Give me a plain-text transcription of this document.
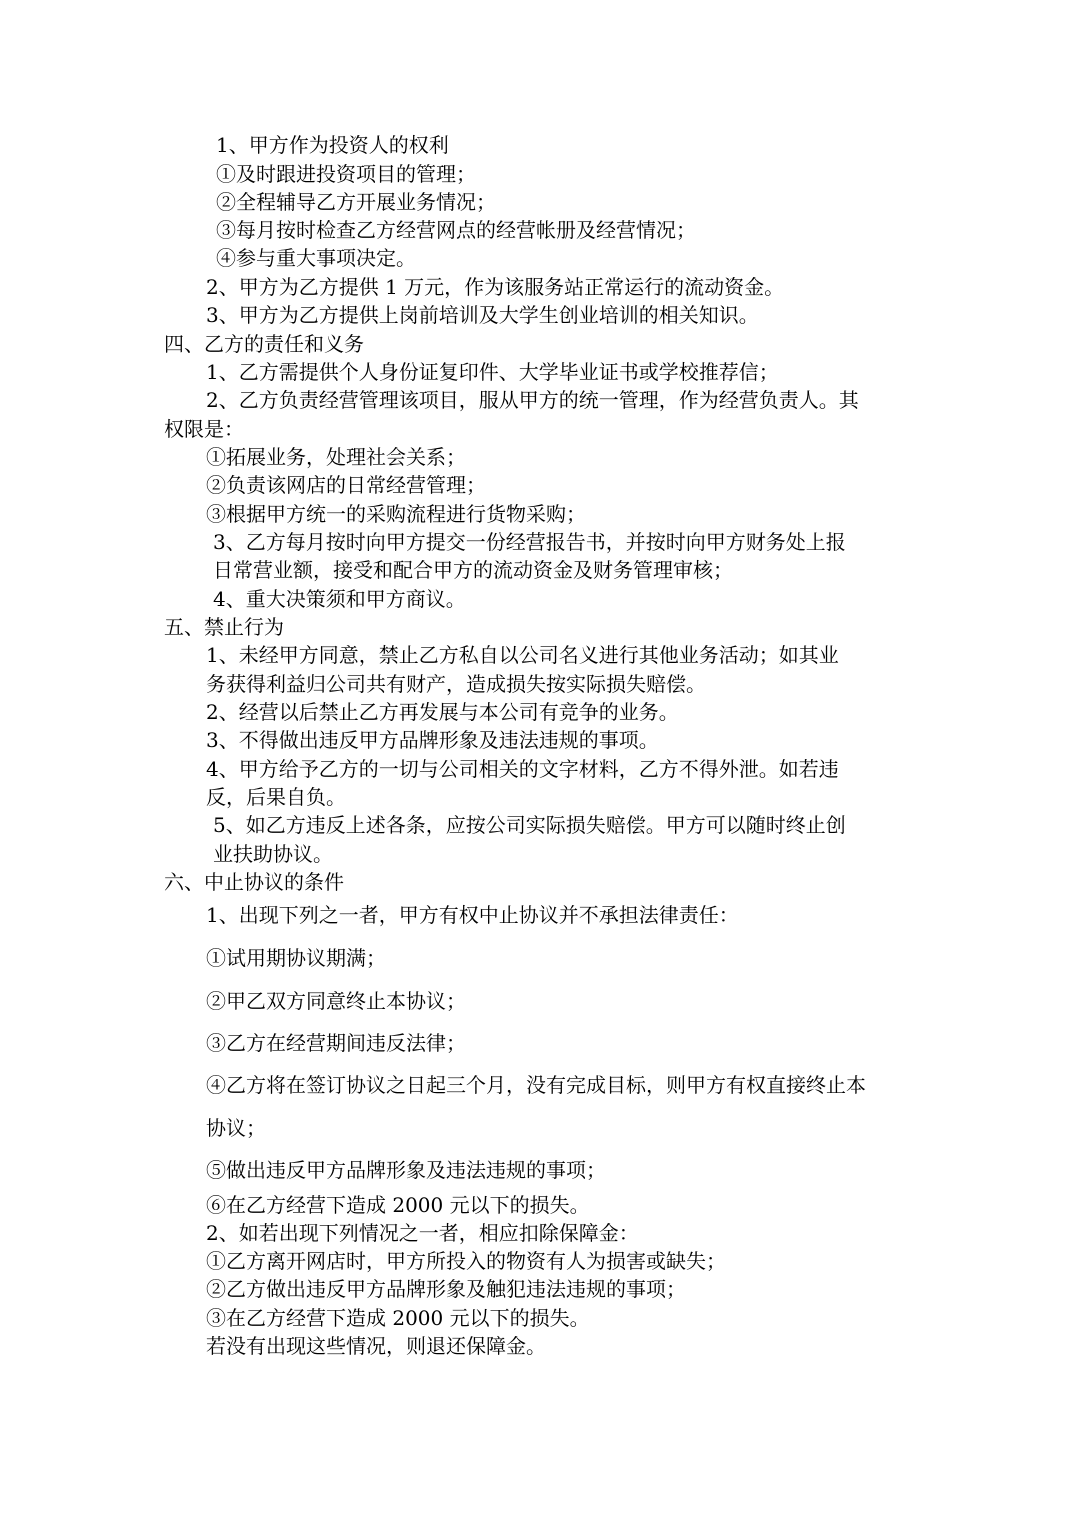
1、甲方作为投资人的权利
①及时跟进投资项目的管理；
②全程辅导乙方开展业务情况；
③每月按时检查乙方经营网点的经营帐册及经营情况；
④参与重大事项决定。
2、甲方为乙方提供 1 万元，作为该服务站正常运行的流动资金。
3、甲方为乙方提供上岗前培训及大学生创业培训的相关知识。
四、乙方的责任和义务
1、乙方需提供个人身份证复印件、大学毕业证书或学校推荐信；
2、乙方负责经营管理该项目，服从甲方的统一管理，作为经营负责人。其
权限是：
①拓展业务，处理社会关系；
②负责该网店的日常经营管理；
③根据甲方统一的采购流程进行货物采购；
3、乙方每月按时向甲方提交一份经营报告书，并按时向甲方财务处上报
日常营业额，接受和配合甲方的流动资金及财务管理审核；
4、重大决策须和甲方商议。
五、禁止行为
1、未经甲方同意，禁止乙方私自以公司名义进行其他业务活动；如其业
务获得利益归公司共有财产，造成损失按实际损失赔偿。
2、经营以后禁止乙方再发展与本公司有竞争的业务。
3、不得做出违反甲方品牌形象及违法违规的事项。
4、甲方给予乙方的一切与公司相关的文字材料，乙方不得外泄。如若违
反，后果自负。
5、如乙方违反上述各条，应按公司实际损失赔偿。甲方可以随时终止创
业扶助协议。
六、中止协议的条件
1、出现下列之一者，甲方有权中止协议并不承担法律责任：
①试用期协议期满；
②甲乙双方同意终止本协议；
③乙方在经营期间违反法律；
④乙方将在签订协议之日起三个月，没有完成目标，则甲方有权直接终止本
协议；
⑤做出违反甲方品牌形象及违法违规的事项；
⑥在乙方经营下造成 2000 元以下的损失。
2、如若出现下列情况之一者，相应扣除保障金：
①乙方离开网店时，甲方所投入的物资有人为损害或缺失；
②乙方做出违反甲方品牌形象及触犯违法违规的事项；
③在乙方经营下造成 2000 元以下的损失。
若没有出现这些情况，则退还保障金。
